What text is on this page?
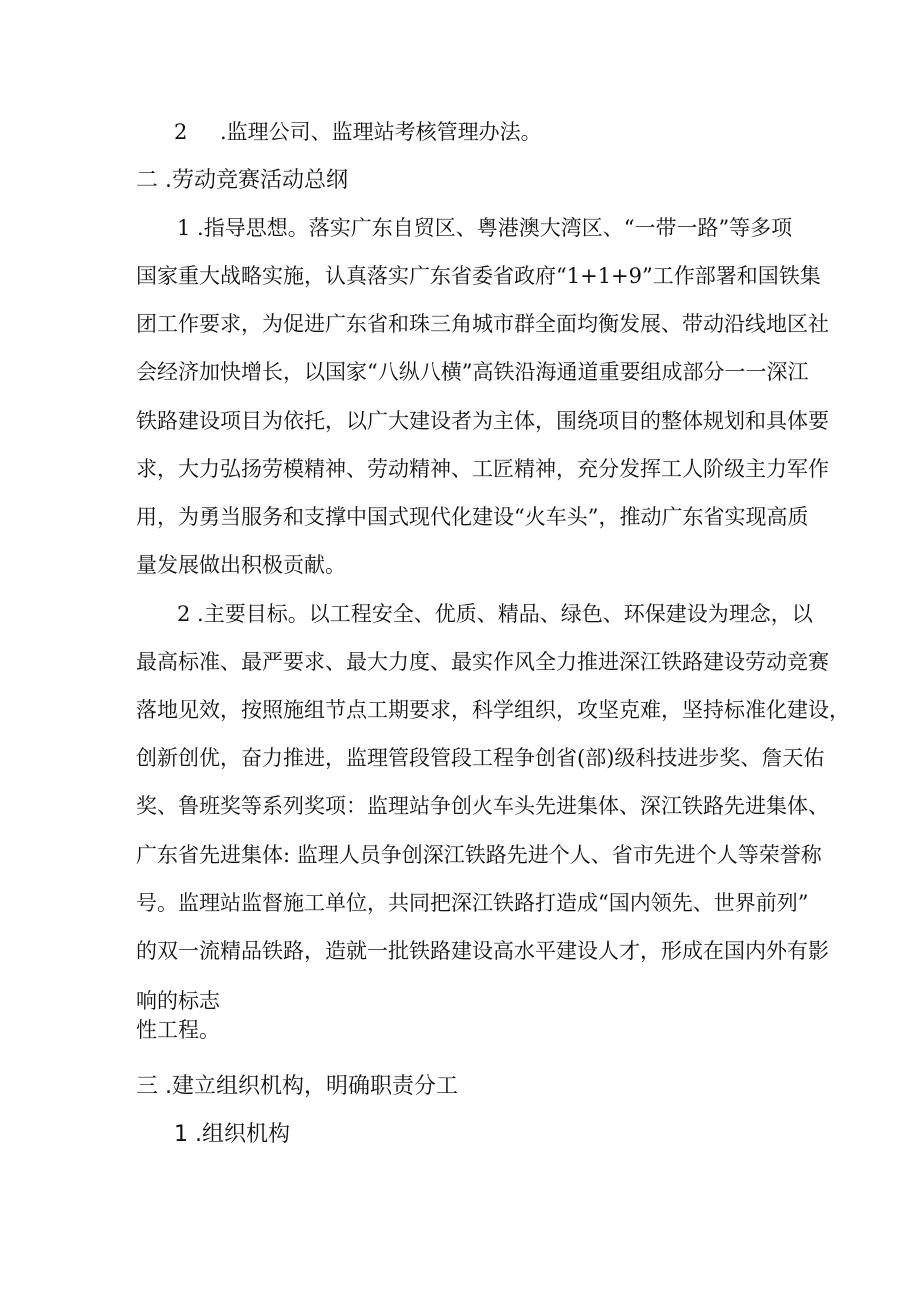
2 .监理公司、监理站考核管理办法。
二 .劳动竞赛活动总纲
1 .指导思想。落实广东自贸区、粤港澳大湾区、“一带一路”等多项
国家重大战略实施，认真落实广东省委省政府“1+1+9”工作部署和国铁集
团工作要求，为促进广东省和珠三角城市群全面均衡发展、带动沿线地区社
会经济加快增长，以国家“八纵八横”高铁沿海通道重要组成部分一一深江
铁路建设项目为依托，以广大建设者为主体，围绕项目的整体规划和具体要
求，大力弘扬劳模精神、劳动精神、工匠精神，充分发挥工人阶级主力军作
用，为勇当服务和支撑中国式现代化建设“火车头”，推动广东省实现高质
量发展做出积极贡献。
2 .主要目标。以工程安全、优质、精品、绿色、环保建设为理念，以
最高标准、最严要求、最大力度、最实作风全力推进深江铁路建设劳动竞赛
落地见效，按照施组节点工期要求，科学组织，攻坚克难，坚持标准化建设，
创新创优，奋力推进，监理管段管段工程争创省(部)级科技进步奖、詹天佑
奖、鲁班奖等系列奖项：监理站争创火车头先进集体、深江铁路先进集体、
广东省先进集体: 监理人员争创深江铁路先进个人、省市先进个人等荣誉称
号。监理站监督施工单位，共同把深江铁路打造成“国内领先、世界前列”
的双一流精品铁路，造就一批铁路建设高水平建设人才，形成在国内外有影
响的标志
性工程。
三 .建立组织机构，明确职责分工
1 .组织机构
